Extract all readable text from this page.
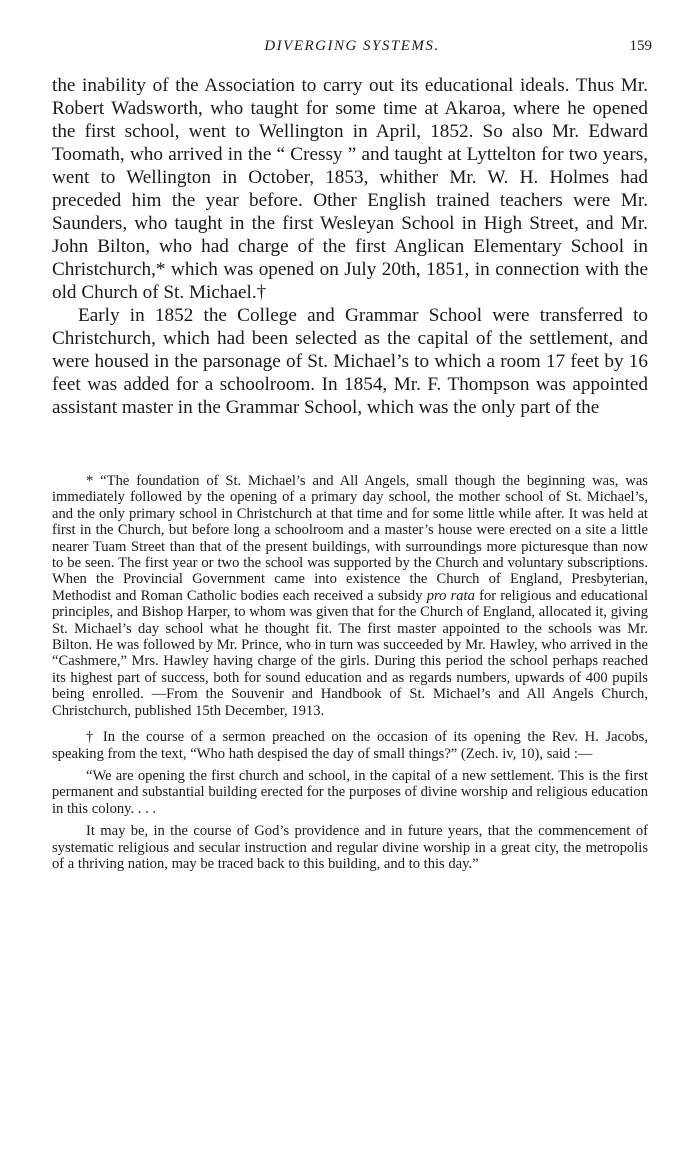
DIVERGING SYSTEMS.	159

the inability of the Association to carry out its educational ideals. Thus Mr. Robert Wadsworth, who taught for some time at Akaroa, where he opened the first school, went to Wellington in April, 1852. So also Mr. Edward Toomath, who arrived in the “ Cressy ” and taught at Lyttelton for two years, went to Wellington in October, 1853, whither Mr. W. H. Holmes had preceded him the year before. Other English trained teachers were Mr. Saunders, who taught in the first Wesleyan School in High Street, and Mr. John Bilton, who had charge of the first Anglican Elementary School in Christchurch,* which was opened on July 20th, 1851, in connection with the old Church of St. Michael.†

Early in 1852 the College and Grammar School were transferred to Christchurch, which had been selected as the capital of the settlement, and were housed in the parsonage of St. Michael’s to which a room 17 feet by 16 feet was added for a schoolroom. In 1854, Mr. F. Thompson was appointed assistant master in the Grammar School, which was the only part of the

* “The foundation of St. Michael’s and All Angels, small though the beginning was, was immediately followed by the opening of a primary day school, the mother school of St. Michael’s, and the only primary school in Christchurch at that time and for some little while after. It was held at first in the Church, but before long a schoolroom and a master’s house were erected on a site a little nearer Tuam Street than that of the present buildings, with surroundings more picturesque than now to be seen. The first year or two the school was supported by the Church and voluntary subscriptions. When the Provincial Government came into existence the Church of England, Presbyterian, Methodist and Roman Catholic bodies each received a subsidy pro rata for religious and educational principles, and Bishop Harper, to whom was given that for the Church of England, allocated it, giving St. Michael’s day school what he thought fit. The first master appointed to the schools was Mr. Bilton. He was followed by Mr. Prince, who in turn was succeeded by Mr. Hawley, who arrived in the “Cashmere,” Mrs. Hawley having charge of the girls. During this period the school perhaps reached its highest part of success, both for sound education and as regards numbers, upwards of 400 pupils being enrolled. —From the Souvenir and Handbook of St. Michael’s and All Angels Church, Christchurch, published 15th December, 1913.

† In the course of a sermon preached on the occasion of its opening the Rev. H. Jacobs, speaking from the text, “Who hath despised the day of small things?” (Zech. iv, 10), said :—

“We are opening the first church and school, in the capital of a new settlement. This is the first permanent and substantial building erected for the purposes of divine worship and religious education in this colony. . . .

It may be, in the course of God’s providence and in future years, that the commencement of systematic religious and secular instruction and regular divine worship in a great city, the metropolis of a thriving nation, may be traced back to this building, and to this day.”
